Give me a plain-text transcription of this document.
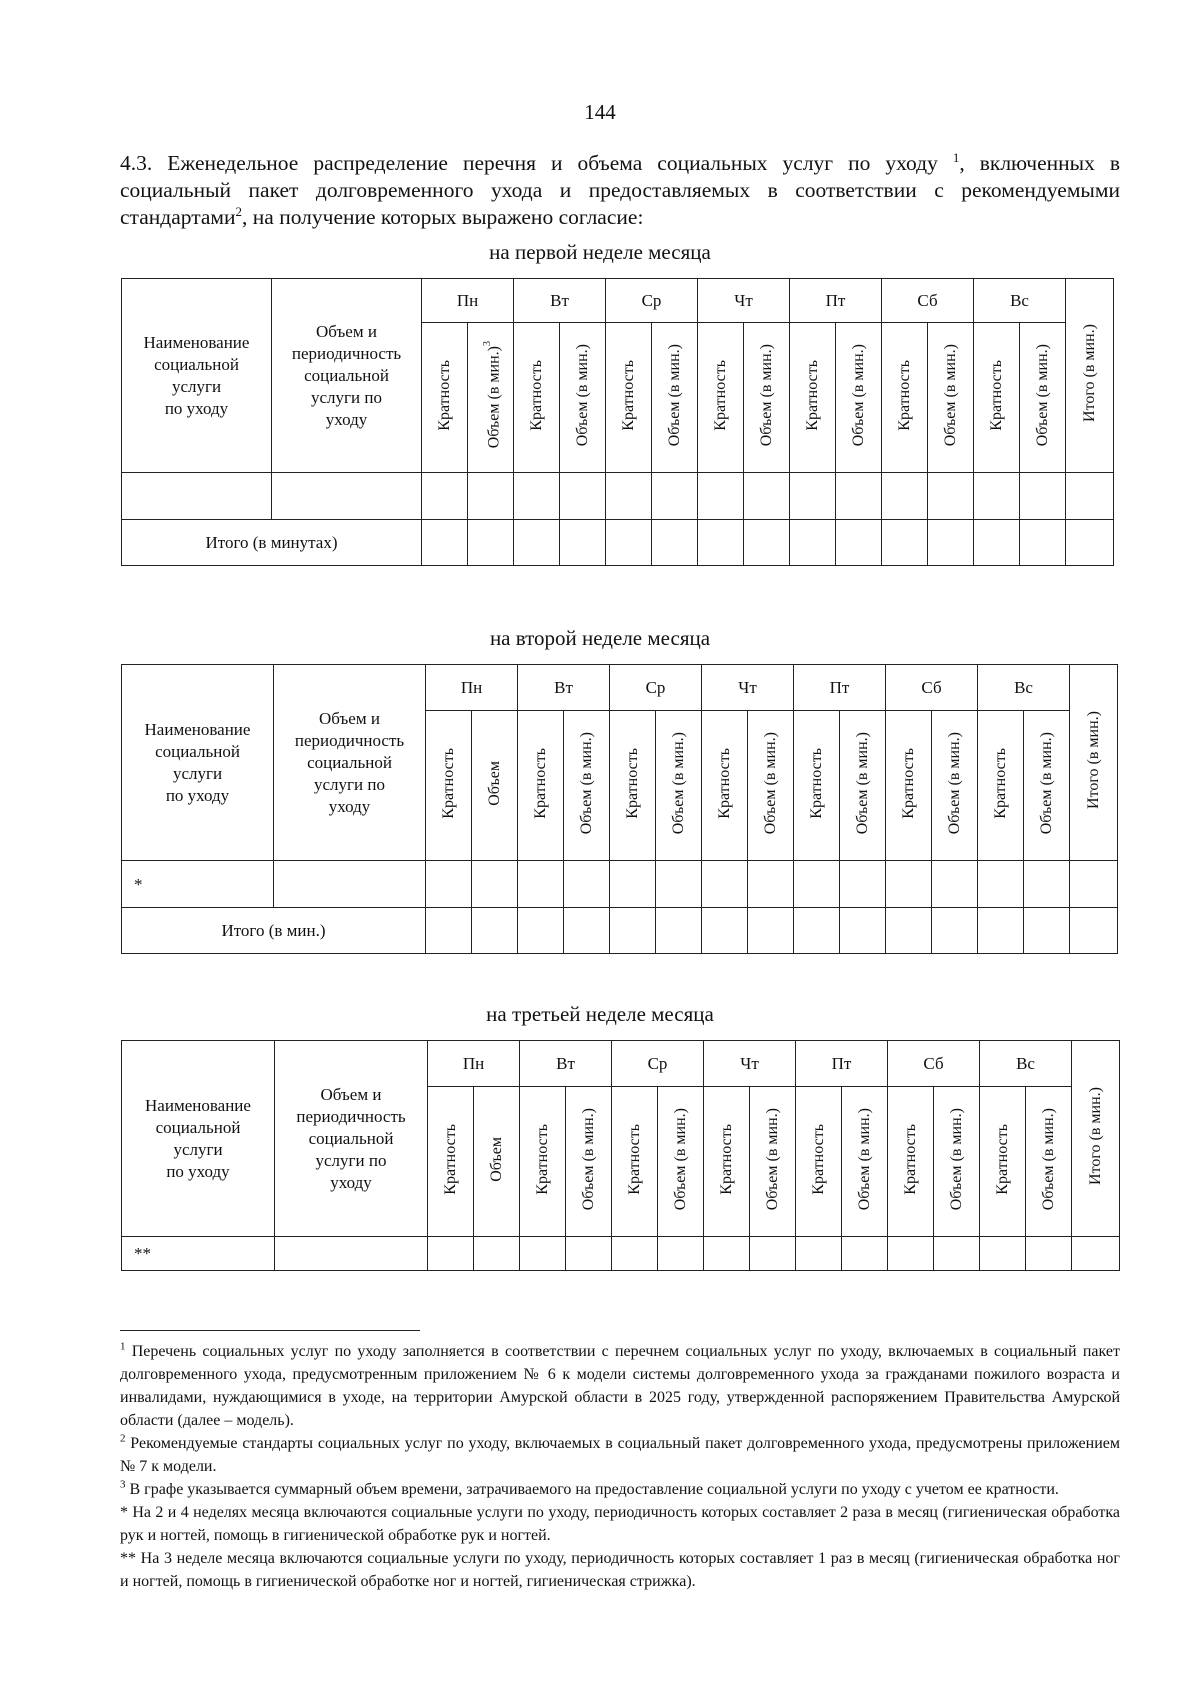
144
4.3. Еженедельное распределение перечня и объема социальных услуг по уходу $^1$, включенных в социальный пакет долговременного ухода и предоставляемых в соответствии с рекомендуемыми стандартами$^2$, на получение которых выражено согласие:
на первой неделе месяца
Наименование
социальной
услуги
по уходу	Объем и
периодичность
социальной
услуги по
уходу	Пн		Вт		Ср		Чт		Пт		Сб		Вс		Итого (в мин.)
		Кратность	Объем (в мин.)$^3$	Кратность	Объем (в мин.)	Кратность	Объем (в мин.)	Кратность	Объем (в мин.)	Кратность	Объем (в мин.)	Кратность	Объем (в мин.)	Кратность	Объем (в мин.)	

Итого (в минутах)																
на второй неделе месяца
Наименование
социальной
услуги
по уходу	Объем и
периодичность
социальной
услуги по
уходу	Пн		Вт		Ср		Чт		Пт		Сб		Вс		Итого (в мин.)
		Кратность	Объем	Кратность	Объем (в мин.)	Кратность	Объем (в мин.)	Кратность	Объем (в мин.)	Кратность	Объем (в мин.)	Кратность	Объем (в мин.)	Кратность	Объем (в мин.)	
*																
Итого (в мин.)																
на третьей неделе месяца
Наименование
социальной
услуги
по уходу	Объем и
периодичность
социальной
услуги по
уходу	Пн		Вт		Ср		Чт		Пт		Сб		Вс		Итого (в мин.)
		Кратность	Объем	Кратность	Объем (в мин.)	Кратность	Объем (в мин.)	Кратность	Объем (в мин.)	Кратность	Объем (в мин.)	Кратность	Объем (в мин.)	Кратность	Объем (в мин.)	
**																

$^1$ Перечень социальных услуг по уходу заполняется в соответствии с перечнем социальных услуг по уходу, включаемых в социальный пакет долговременного ухода, предусмотренным приложением № 6 к модели системы долговременного ухода за гражданами пожилого возраста и инвалидами, нуждающимися в уходе, на территории Амурской области в 2025 году, утвержденной распоряжением Правительства Амурской области (далее – модель).

$^2$ Рекомендуемые стандарты социальных услуг по уходу, включаемых в социальный пакет долговременного ухода, предусмотрены приложением № 7 к модели.

$^3$ В графе указывается суммарный объем времени, затрачиваемого на предоставление социальной услуги по уходу с учетом ее кратности.

* На 2 и 4 неделях месяца включаются социальные услуги по уходу, периодичность которых составляет 2 раза в месяц (гигиеническая обработка рук и ногтей, помощь в гигиенической обработке рук и ногтей.

** На 3 неделе месяца включаются социальные услуги по уходу, периодичность которых составляет 1 раз в месяц (гигиеническая обработка ног и ногтей, помощь в гигиенической обработке ног и ногтей, гигиеническая стрижка).
